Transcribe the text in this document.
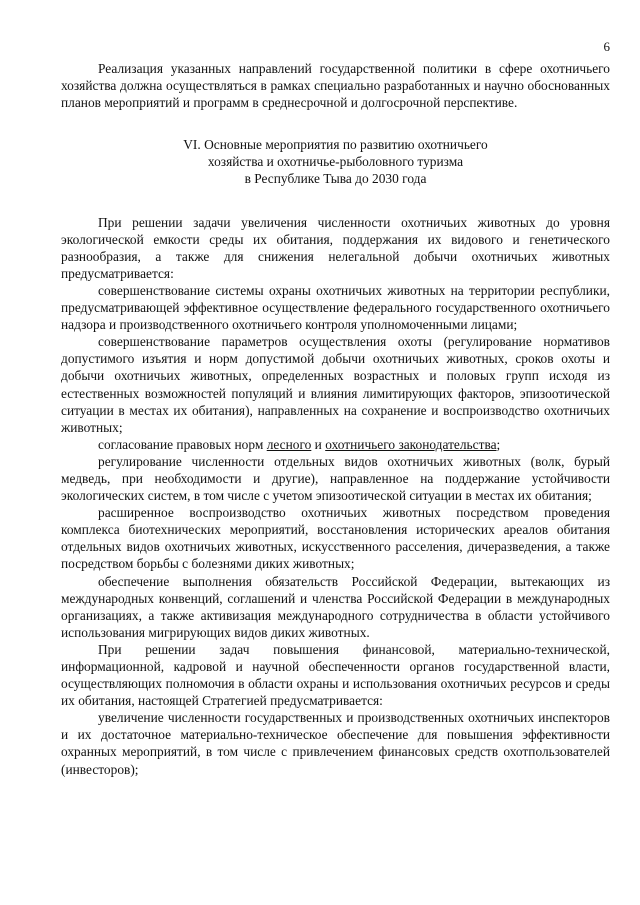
6

Реализация указанных направлений государственной политики в сфере охотничьего хозяйства должна осуществляться в рамках специально разработанных и научно обоснованных планов мероприятий и программ в среднесрочной и долгосрочной перспективе.

VI. Основные мероприятия по развитию охотничьего
хозяйства и охотничье-рыболовного туризма
в Республике Тыва до 2030 года

При решении задачи увеличения численности охотничьих животных до уровня экологической емкости среды их обитания, поддержания их видового и генетического разнообразия, а также для снижения нелегальной добычи охотничьих животных предусматривается:

совершенствование системы охраны охотничьих животных на территории республики, предусматривающей эффективное осуществление федерального государственного охотничьего надзора и производственного охотничьего контроля уполномоченными лицами;

совершенствование параметров осуществления охоты (регулирование нормативов допустимого изъятия и норм допустимой добычи охотничьих животных, сроков охоты и добычи охотничьих животных, определенных возрастных и половых групп исходя из естественных возможностей популяций и влияния лимитирующих факторов, эпизоотической ситуации в местах их обитания), направленных на сохранение и воспроизводство охотничьих животных;

согласование правовых норм лесного и охотничьего законодательства;

регулирование численности отдельных видов охотничьих животных (волк, бурый медведь, при необходимости и другие), направленное на поддержание устойчивости экологических систем, в том числе с учетом эпизоотической ситуации в местах их обитания;

расширенное воспроизводство охотничьих животных посредством проведения комплекса биотехнических мероприятий, восстановления исторических ареалов обитания отдельных видов охотничьих животных, искусственного расселения, дичеразведения, а также посредством борьбы с болезнями диких животных;

обеспечение выполнения обязательств Российской Федерации, вытекающих из международных конвенций, соглашений и членства Российской Федерации в международных организациях, а также активизация международного сотрудничества в области устойчивого использования мигрирующих видов диких животных.

При решении задач повышения финансовой, материально-технической, информационной, кадровой и научной обеспеченности органов государственной власти, осуществляющих полномочия в области охраны и использования охотничьих ресурсов и среды их обитания, настоящей Стратегией предусматривается:

увеличение численности государственных и производственных охотничьих инспекторов и их достаточное материально-техническое обеспечение для повышения эффективности охранных мероприятий, в том числе с привлечением финансовых средств охотпользователей (инвесторов);
